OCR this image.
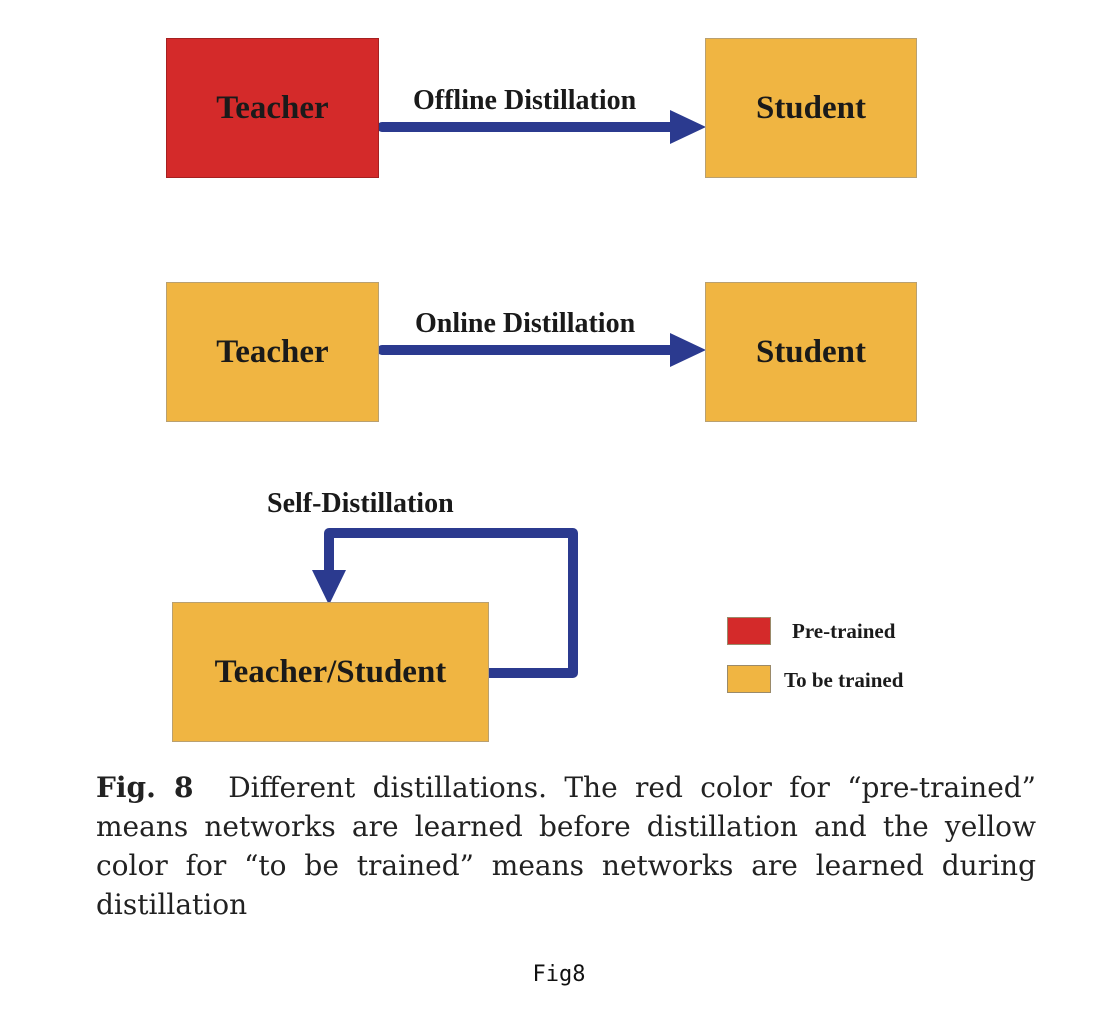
Teacher	Offline Distillation	Student
Teacher
Online Distillation
Student
Self-Distillation
Teacher/Student
Pre-trained
To be trained
Fig. 8 Different distillations. The red color for “pre-trained” means networks are learned before distillation and the yellow color for “to be trained” means networks are learned during distillation
Fig8
